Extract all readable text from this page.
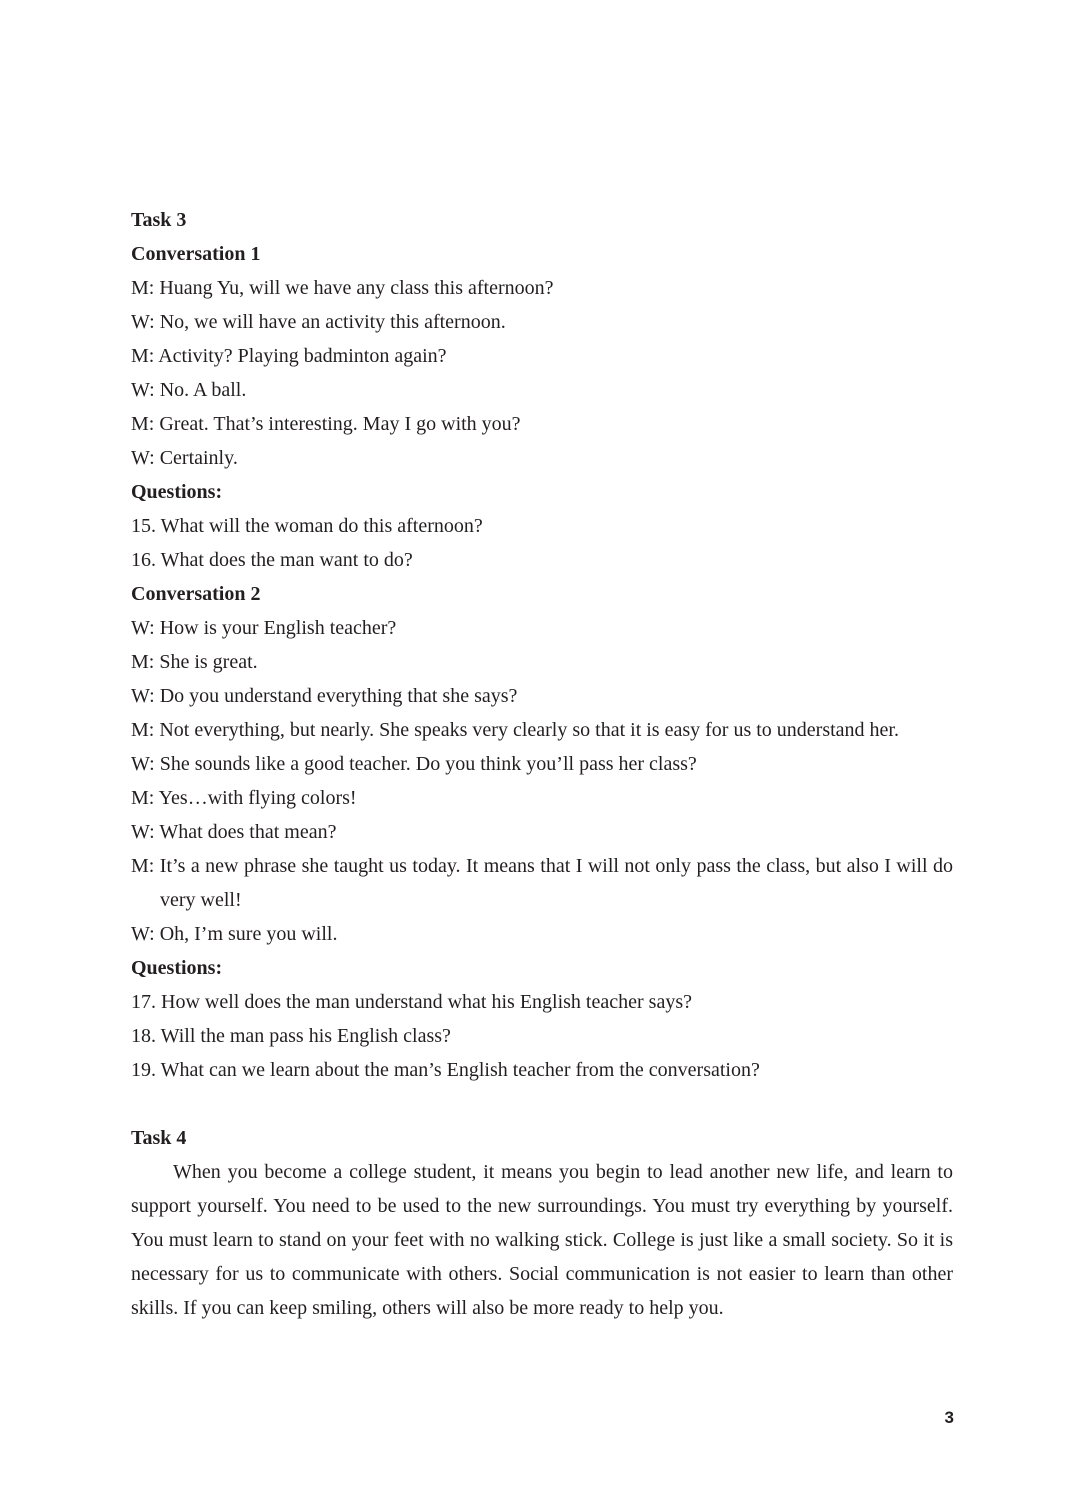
Task 3
Conversation 1
M: Huang Yu, will we have any class this afternoon?
W: No, we will have an activity this afternoon.
M: Activity? Playing badminton again?
W: No. A ball.
M: Great. That’s interesting. May I go with you?
W: Certainly.
Questions:
15. What will the woman do this afternoon?
16. What does the man want to do?
Conversation 2
W: How is your English teacher?
M: She is great.
W: Do you understand everything that she says?
M: Not everything, but nearly. She speaks very clearly so that it is easy for us to understand her.
W: She sounds like a good teacher. Do you think you’ll pass her class?
M: Yes…with flying colors!
W: What does that mean?
M: It’s a new phrase she taught us today. It means that I will not only pass the class, but also I will do very well!
W: Oh, I’m sure you will.
Questions:
17. How well does the man understand what his English teacher says?
18. Will the man pass his English class?
19. What can we learn about the man’s English teacher from the conversation?
Task 4

When you become a college student, it means you begin to lead another new life, and learn to support yourself. You need to be used to the new surroundings. You must try everything by yourself. You must learn to stand on your feet with no walking stick. College is just like a small society. So it is necessary for us to communicate with others. Social communication is not easier to learn than other skills. If you can keep smiling, others will also be more ready to help you.

3
